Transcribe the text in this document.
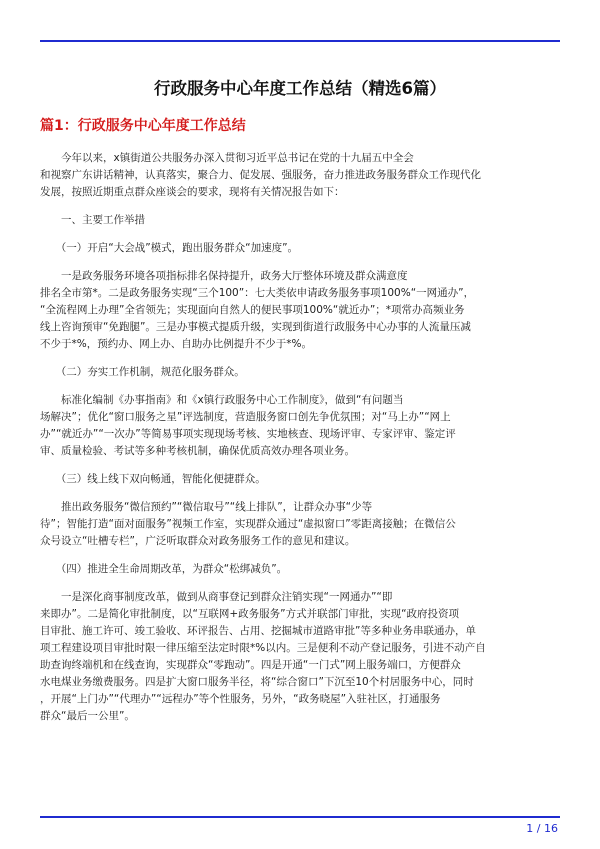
行政服务中心年度工作总结（精选6篇）
篇1：行政服务中心年度工作总结
　　今年以来，x镇街道公共服务办深入贯彻习近平总书记在党的十九届五中全会
和视察广东讲话精神，认真落实，聚合力、促发展、强服务，奋力推进政务服务群众工作现代化
发展，按照近期重点群众座谈会的要求，现将有关情况报告如下：
　　一、主要工作举措
　　（一）开启“大会战”模式，跑出服务群众“加速度”。
　　一是政务服务环境各项指标排名保持提升，政务大厅整体环境及群众满意度
排名全市第*。二是政务服务实现“三个100”：七大类依申请政务服务事项100%“一网通办”，
“全流程网上办理”全省领先；实现面向自然人的便民事项100%“就近办”；*项常办高频业务
线上咨询预审“免跑腿”。三是办事模式提质升级，实现到街道行政服务中心办事的人流量压减
不少于*%，预约办、网上办、自助办比例提升不少于*%。
　　（二）夯实工作机制，规范化服务群众。
　　标准化编制《办事指南》和《x镇行政服务中心工作制度》，做到“有问题当
场解决”；优化“窗口服务之星”评选制度，营造服务窗口创先争优氛围；对“马上办”“网上
办”“就近办”“一次办”等简易事项实现现场考核、实地核查、现场评审、专家评审、鉴定评
审、质量检验、考试等多种考核机制，确保优质高效办理各项业务。
　　（三）线上线下双向畅通，智能化便捷群众。
　　推出政务服务“微信预约”“微信取号”“线上排队”，让群众办事“少等
待”；智能打造“面对面服务”视频工作室，实现群众通过“虚拟窗口”零距离接触；在微信公
众号设立“吐槽专栏”，广泛听取群众对政务服务工作的意见和建议。
　　（四）推进全生命周期改革，为群众“松绑减负”。
　　一是深化商事制度改革，做到从商事登记到群众注销实现“一网通办”“即
来即办”。二是简化审批制度，以“互联网+政务服务”方式并联部门审批，实现“政府投资项
目审批、施工许可、竣工验收、环评报告、占用、挖掘城市道路审批”等多种业务串联通办，单
项工程建设项目审批时限一律压缩至法定时限*%以内。三是便利不动产登记服务，引进不动产自
助查询终端机和在线查询，实现群众“零跑动”。四是开通“一门式”网上服务端口，方便群众
水电煤业务缴费服务。四是扩大窗口服务半径，将“综合窗口”下沉至10个村居服务中心，同时
，开展“上门办”“代理办”“远程办”等个性服务，另外，“政务晓屋”入驻社区，打通服务
群众“最后一公里”。
1 / 16
